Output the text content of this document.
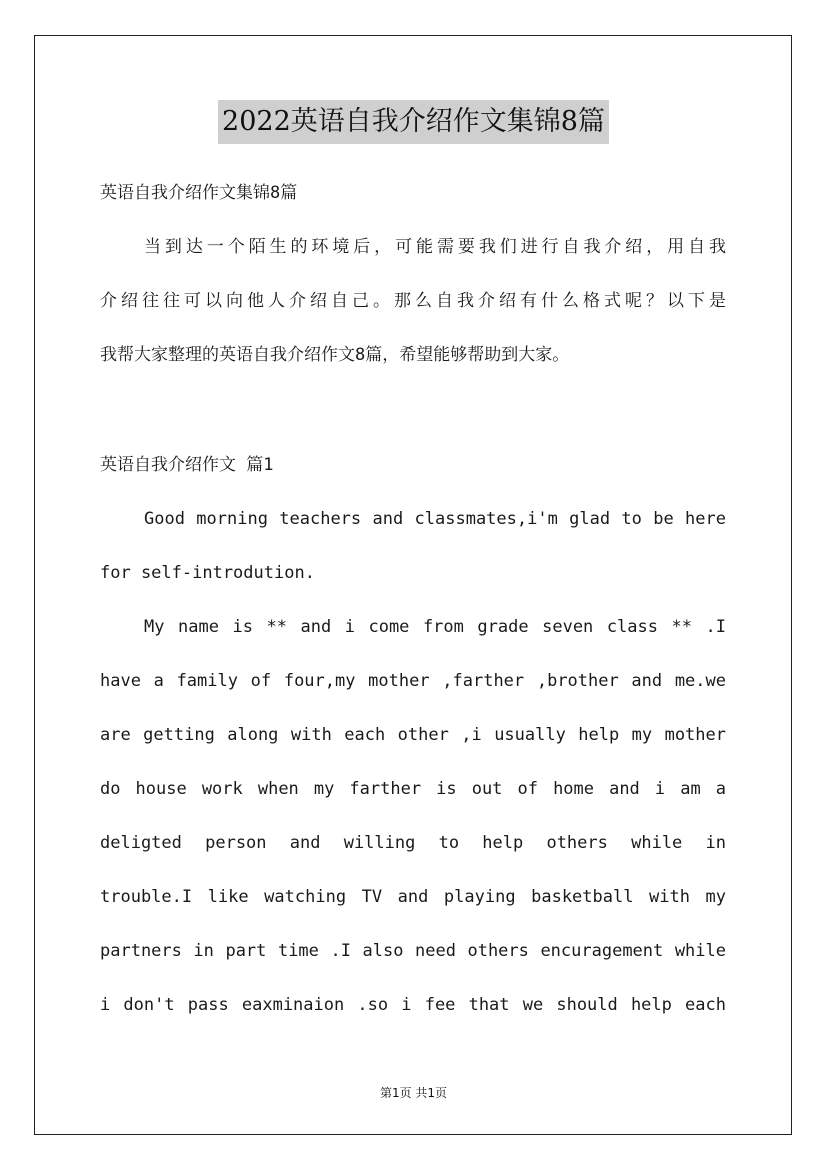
2022英语自我介绍作文集锦8篇
英语自我介绍作文集锦8篇
当到达一个陌生的环境后，可能需要我们进行自我介绍，用自我
介绍往往可以向他人介绍自己。那么自我介绍有什么格式呢？以下是
我帮大家整理的英语自我介绍作文8篇，希望能够帮助到大家。
英语自我介绍作文 篇1
Good morning teachers and classmates,i'm glad to be here
for self-introdution.
My name is ** and i come from grade seven class ** .I
have a family of four,my mother ,farther ,brother and me.we
are getting along with each other ,i usually help my mother
do house work when my farther is out of home and i am a
deligted person and willing to help others while in
trouble.I like watching TV and playing basketball with my
partners in part time .I also need others encuragement while
i don't pass eaxminaion .so i fee that we should help each
第1页 共1页
